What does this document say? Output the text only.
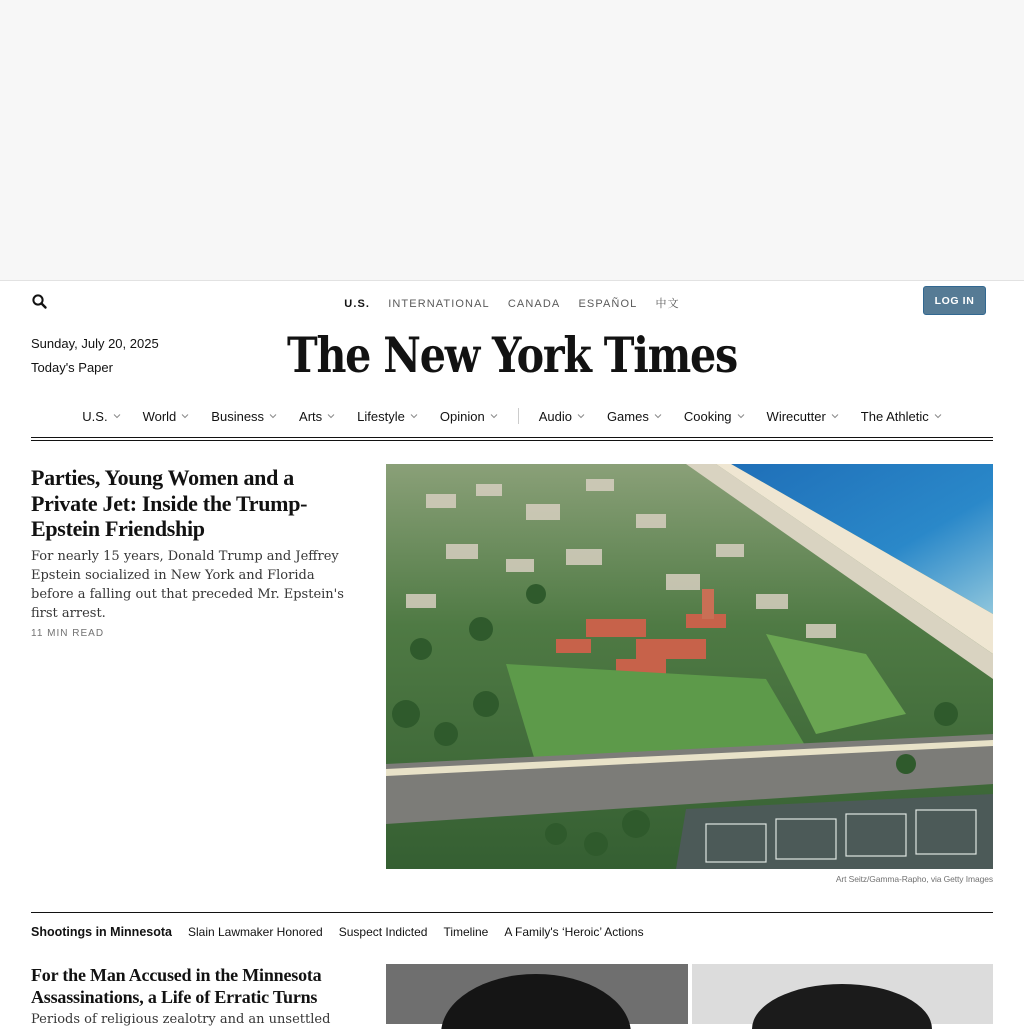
U.S. INTERNATIONAL CANADA ESPAÑOL 中文	LOG IN
Sunday, July 20, 2025
Today's Paper	The New York Times
U.S.	World	Business	Arts	Lifestyle	Opinion	Audio	Games	Cooking	Wirecutter	The Athletic
Parties, Young Women and a Private Jet: Inside the Trump-Epstein Friendship

For nearly 15 years, Donald Trump and Jeffrey Epstein socialized in New York and Florida before a falling out that preceded Mr. Epstein's first arrest.

11 MIN READ
Art Seitz/Gamma-Rapho, via Getty Images
Shootings in Minnesota Slain Lawmaker Honored Suspect Indicted Timeline A Family's ‘Heroic’ Actions
For the Man Accused in the Minnesota Assassinations, a Life of Erratic Turns

Periods of religious zealotry and an unsettled
